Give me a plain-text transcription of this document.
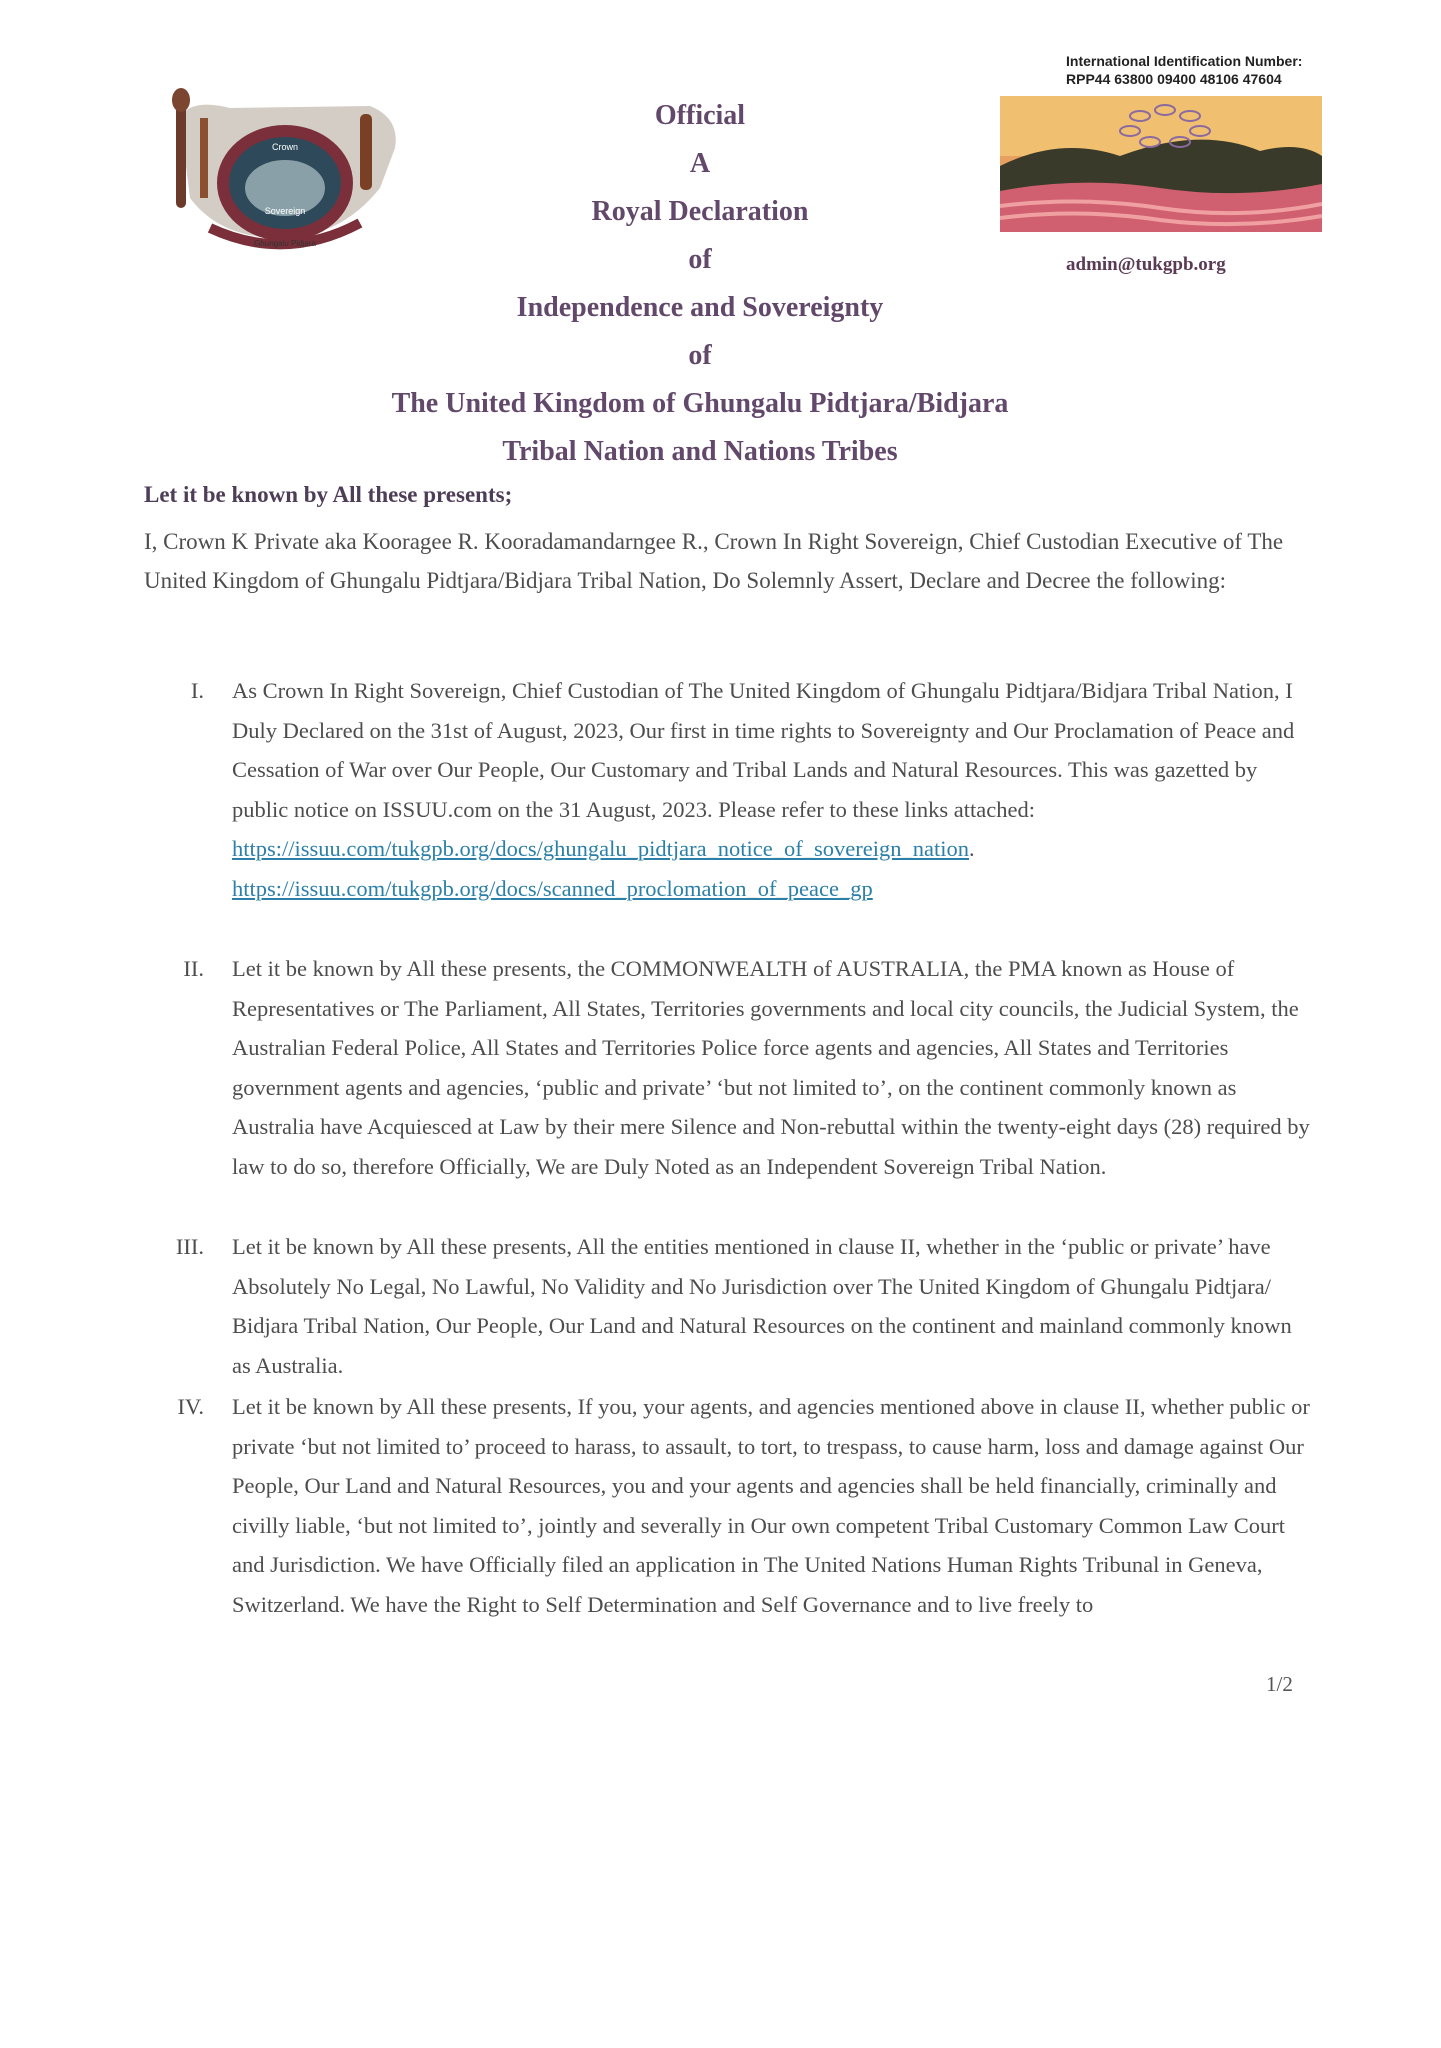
Crown
Sovereign
Ghungalu Pidjara
International Identification Number:
RPP44 63800 09400 48106 47604
admin@tukgpb.org
Official
A
Royal Declaration
of
Independence and Sovereignty
of
The United Kingdom of Ghungalu Pidtjara/Bidjara
Tribal Nation and Nations Tribes
Let it be known by All these presents;
I, Crown K Private aka Kooragee R. Kooradamandarngee R., Crown In Right Sovereign, Chief Custodian Executive of The United Kingdom of Ghungalu Pidtjara/Bidjara Tribal Nation, Do Solemnly Assert, Declare and Decree the following:
I. As Crown In Right Sovereign, Chief Custodian of The United Kingdom of Ghungalu Pidtjara/Bidjara Tribal Nation, I Duly Declared on the 31st of August, 2023, Our first in time rights to Sovereignty and Our Proclamation of Peace and Cessation of War over Our People, Our Customary and Tribal Lands and Natural Resources. This was gazetted by public notice on ISSUU.com on the 31 August, 2023. Please refer to these links attached:
https://issuu.com/tukgpb.org/docs/ghungalu_pidtjara_notice_of_sovereign_nation.
https://issuu.com/tukgpb.org/docs/scanned_proclomation_of_peace_gp
II. Let it be known by All these presents, the COMMONWEALTH of AUSTRALIA, the PMA known as House of Representatives or The Parliament, All States, Territories governments and local city councils, the Judicial System, the Australian Federal Police, All States and Territories Police force agents and agencies, All States and Territories government agents and agencies, ‘public and private’ ‘but not limited to’, on the continent commonly known as Australia have Acquiesced at Law by their mere Silence and Non-rebuttal within the twenty-eight days (28) required by law to do so, therefore Officially, We are Duly Noted as an Independent Sovereign Tribal Nation.
III. Let it be known by All these presents, All the entities mentioned in clause II, whether in the ‘public or private’ have Absolutely No Legal, No Lawful, No Validity and No Jurisdiction over The United Kingdom of Ghungalu Pidtjara/ Bidjara Tribal Nation, Our People, Our Land and Natural Resources on the continent and mainland commonly known as Australia.
IV. Let it be known by All these presents, If you, your agents, and agencies mentioned above in clause II, whether public or private ‘but not limited to’ proceed to harass, to assault, to tort, to trespass, to cause harm, loss and damage against Our People, Our Land and Natural Resources, you and your agents and agencies shall be held financially, criminally and civilly liable, ‘but not limited to’, jointly and severally in Our own competent Tribal Customary Common Law Court and Jurisdiction. We have Officially filed an application in The United Nations Human Rights Tribunal in Geneva, Switzerland. We have the Right to Self Determination and Self Governance and to live freely to
1/2
